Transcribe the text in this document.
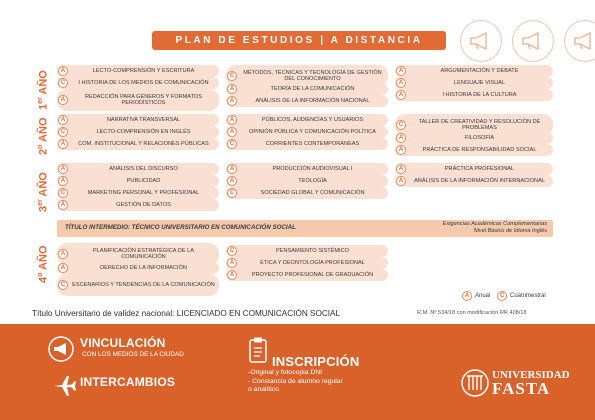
PLAN DE ESTUDIOS | A DISTANCIA
1er AÑO
2$^o$ AÑO
3er AÑO
4$^o$ AÑO
A	LECTO-COMPRENSIÓN Y ESCRITURA
C	I HISTORIA DE LOS MEDIOS DE COMUNICACIÓN
A
REDACCIÓN PARA GÉNEROS Y FORMATOS PERIODÍSTICOS
C
MÉTODOS, TÉCNICAS Y TECNOLOGÍA DE GESTIÓN DEL CONOCIMIENTO
A	TEORÍA DE LA COMUNICACIÓN
A	ANÁLISIS DE LA INFORMACIÓN NACIONAL
A	ARGUMENTACIÓN Y DEBATE
A	LENGUAJE VISUAL
A	I HISTORIA DE LA CULTURA
A	NARRATIVA TRANSVERSAL
C	LECTO-COMPRENSIÓN EN INGLÉS
A	COM. INSTITUCIONAL Y RELACIONES PÚBLICAS
A	PÚBLICOS, AUDIENCIAS Y USUARIOS
A	OPINIÓN PÚBLICA Y COMUNICACIÓN POLÍTICA
C	CORRIENTES CONTEMPORÁNEAS
C
TALLER DE CREATIVIDAD Y RESOLUCIÓN DE PROBLEMAS
A	FILOSOFÍA
A	PRÁCTICA DE RESPONSABILIDAD SOCIAL
A	ANÁLISIS DEL DISCURSO
A	PUBLICIDAD
C	MARKETING PERSONAL Y PROFESIONAL
A	GESTIÓN DE DATOS
A	PRODUCCIÓN AUDIOVISUAL I
A	TEOLOGÍA
C	SOCIEDAD GLOBAL Y COMUNICACIÓN
A	PRÁCTICA PROFESIONAL
A	ANÁLISIS DE LA INFORMACIÓN INTERNACIONAL
TÍTULO INTERMEDIO: TÉCNICO UNIVERSITARIO EN COMUNICACIÓN SOCIAL	Exigencias Académicas Complementarias
Nivel Básico de Idioma Inglés
A
PLANIFICACIÓN ESTRATÉGICA DE LA COMUNICACIÓN
A	DERECHO DE LA INFORMACIÓN
C	ESCENARIOS Y TENDENCIAS DE LA COMUNICACIÓN
C	PENSAMIENTO SISTÉMICO
A	ÉTICA Y DEONTOLOGÍA PROFESIONAL
A	PROYECTO PROFESIONAL DE GRADUACIÓN
A Anual	C Cuatrimestral
Título Universitario de validez nacional: LICENCIADO EN COMUNICACIÓN SOCIAL	R.M. Nº 534/18 con modificación RR 408/18
VINCULACIÓN
CON LOS MEDIOS DE LA CIUDAD
INTERCAMBIOS
INSCRIPCIÓN
-Original y fotocopia DNI
- Constancia de alumno regular
o analítico
UNIVERSIDAD
FASTA
